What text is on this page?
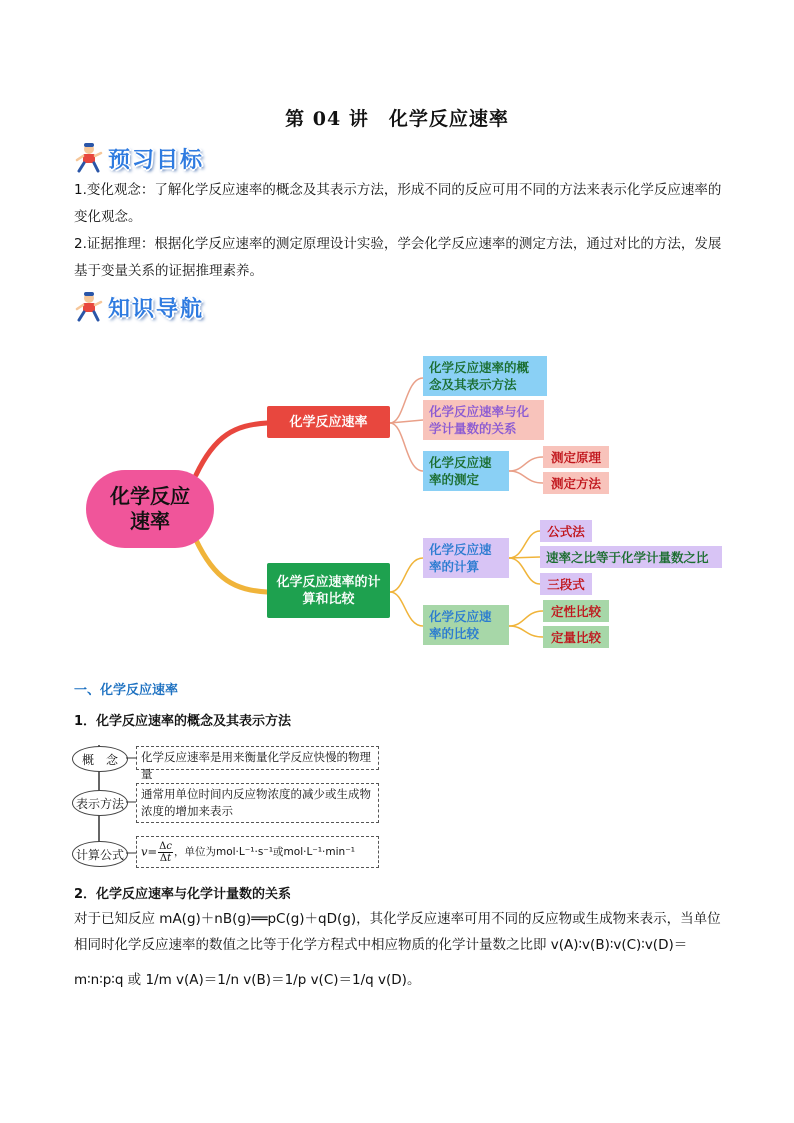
第 04 讲　化学反应速率
预习目标
1.变化观念：了解化学反应速率的概念及其表示方法，形成不同的反应可用不同的方法来表示化学反应速率的变化观念。
2.证据推理：根据化学反应速率的测定原理设计实验，学会化学反应速率的测定方法，通过对比的方法，发展基于变量关系的证据推理素养。
知识导航
化学反应速率
化学反应速率
化学反应速率的计算和比较
化学反应速率的概念及其表示方法
化学反应速率与化学计量数的关系
化学反应速率的测定
测定原理
测定方法
化学反应速率的计算
化学反应速率的比较
公式法
速率之比等于化学计量数之比
三段式
定性比较
定量比较
一、化学反应速率
1．化学反应速率的概念及其表示方法
概　念
表示方法
计算公式
化学反应速率是用来衡量化学反应快慢的物理量
通常用单位时间内反应物浓度的减少或生成物浓度的增加来表示
$v= \frac{\Delta c}{\Delta t}$ ，单位为mol·L⁻¹·s⁻¹或mol·L⁻¹·min⁻¹
2．化学反应速率与化学计量数的关系
对于已知反应 mA(g)＋nB(g)══pC(g)＋qD(g)，其化学反应速率可用不同的反应物或生成物来表示，当单位
相同时化学反应速率的数值之比等于化学方程式中相应物质的化学计量数之比即 v(A)∶v(B)∶v(C)∶v(D)＝
m∶n∶p∶q 或 1/m v(A)＝1/n v(B)＝1/p v(C)＝1/q v(D)。
